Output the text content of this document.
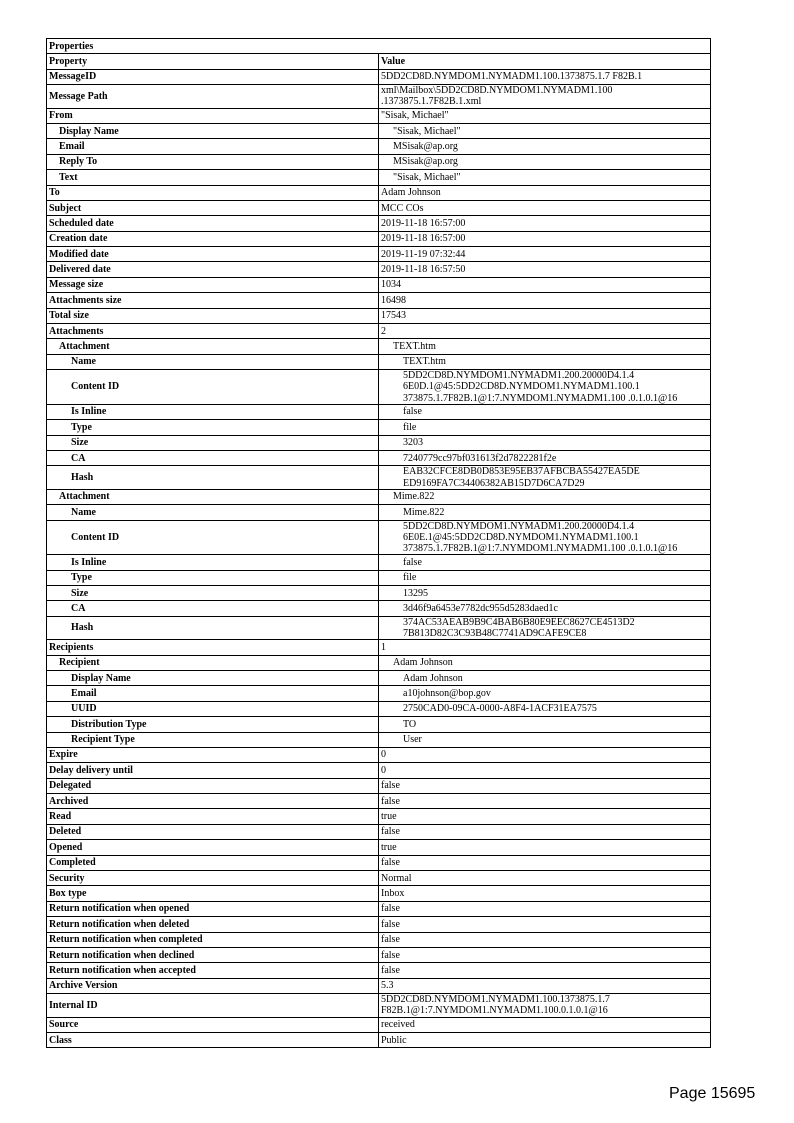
Properties	
Property	Value
MessageID	5DD2CD8D.NYMDOM1.NYMADM1.100.1373875.1.7 F82B.1
Message Path	xml\Mailbox\5DD2CD8D.NYMDOM1.NYMADM1.100 .1373875.1.7F82B.1.xml
From	"Sisak, Michael"
Display Name	"Sisak, Michael"
Email	MSisak@ap.org
Reply To	MSisak@ap.org
Text	"Sisak, Michael"
To	Adam Johnson
Subject	MCC COs
Scheduled date	2019-11-18 16:57:00
Creation date	2019-11-18 16:57:00
Modified date	2019-11-19 07:32:44
Delivered date	2019-11-18 16:57:50
Message size	1034
Attachments size	16498
Total size	17543
Attachments	2
Attachment	TEXT.htm
Name	TEXT.htm
Content ID	5DD2CD8D.NYMDOM1.NYMADM1.200.20000D4.1.4
6E0D.1@45:5DD2CD8D.NYMDOM1.NYMADM1.100.1
373875.1.7F82B.1@1:7.NYMDOM1.NYMADM1.100 .0.1.0.1@16
Is Inline	false
Type	file
Size	3203
CA	7240779cc97bf031613f2d7822281f2e
Hash	EAB32CFCE8DB0D853E95EB37AFBCBA55427EA5DE ED9169FA7C34406382AB15D7D6CA7D29
Attachment	Mime.822
Name	Mime.822
Content ID	5DD2CD8D.NYMDOM1.NYMADM1.200.20000D4.1.4
6E0E.1@45:5DD2CD8D.NYMDOM1.NYMADM1.100.1
373875.1.7F82B.1@1:7.NYMDOM1.NYMADM1.100 .0.1.0.1@16
Is Inline	false
Type	file
Size	13295
CA	3d46f9a6453e7782dc955d5283daed1c
Hash	374AC53AEAB9B9C4BAB6B80E9EEC8627CE4513D2 7B813D82C3C93B48C7741AD9CAFE9CE8
Recipients	1
Recipient	Adam Johnson
Display Name	Adam Johnson
Email	a10johnson@bop.gov
UUID	2750CAD0-09CA-0000-A8F4-1ACF31EA7575
Distribution Type	TO
Recipient Type	User
Expire	0
Delay delivery until	0
Delegated	false
Archived	false
Read	true
Deleted	false
Opened	true
Completed	false
Security	Normal
Box type	Inbox
Return notification when opened	false
Return notification when deleted	false
Return notification when completed	false
Return notification when declined	false
Return notification when accepted	false
Archive Version	5.3
Internal ID	5DD2CD8D.NYMDOM1.NYMADM1.100.1373875.1.7 F82B.1@1:7.NYMDOM1.NYMADM1.100.0.1.0.1@16
Source	received
Class	Public
Page 15695
